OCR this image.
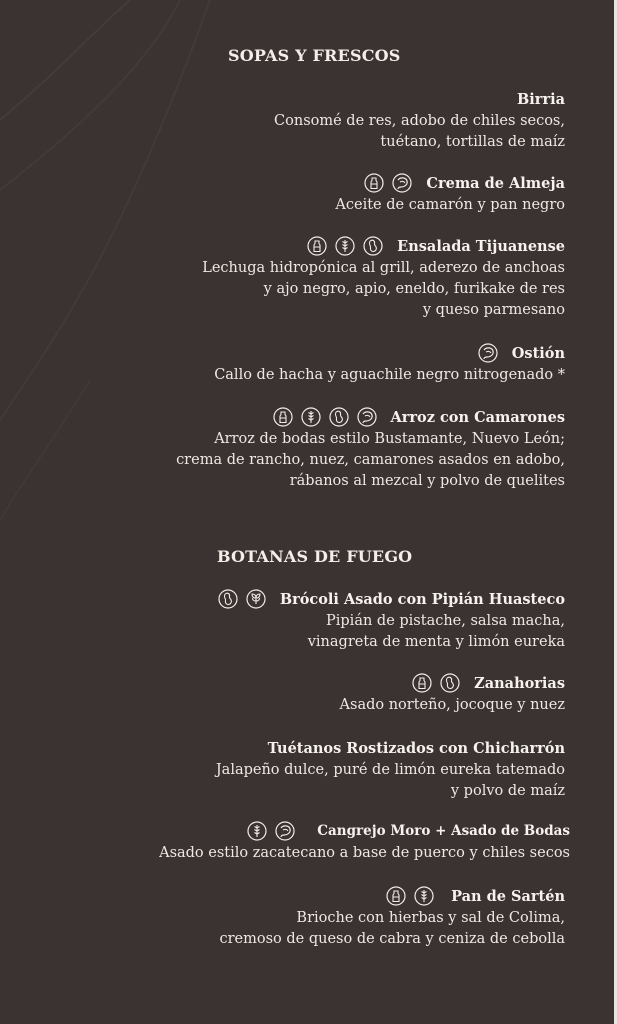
SOPAS Y FRESCOS
Birria
Consomé de res, adobo de chiles secos,
tuétano, tortillas de maíz
Crema de Almeja
Aceite de camarón y pan negro
Ensalada Tijuanense
Lechuga hidropónica al grill, aderezo de anchoas
y ajo negro, apio, eneldo, furikake de res
y queso parmesano
Ostión
Callo de hacha y aguachile negro nitrogenado *
Arroz con Camarones
Arroz de bodas estilo Bustamante, Nuevo León;
crema de rancho, nuez, camarones asados en adobo,
rábanos al mezcal y polvo de quelites
BOTANAS DE FUEGO
Brócoli Asado con Pipián Huasteco
Pipián de pistache, salsa macha,
vinagreta de menta y limón eureka
Zanahorias
Asado norteño, jocoque y nuez
Tuétanos Rostizados con Chicharrón
Jalapeño dulce, puré de limón eureka tatemado
y polvo de maíz
Cangrejo Moro + Asado de Bodas
Asado estilo zacatecano a base de puerco y chiles secos
Pan de Sartén
Brioche con hierbas y sal de Colima,
cremoso de queso de cabra y ceniza de cebolla
